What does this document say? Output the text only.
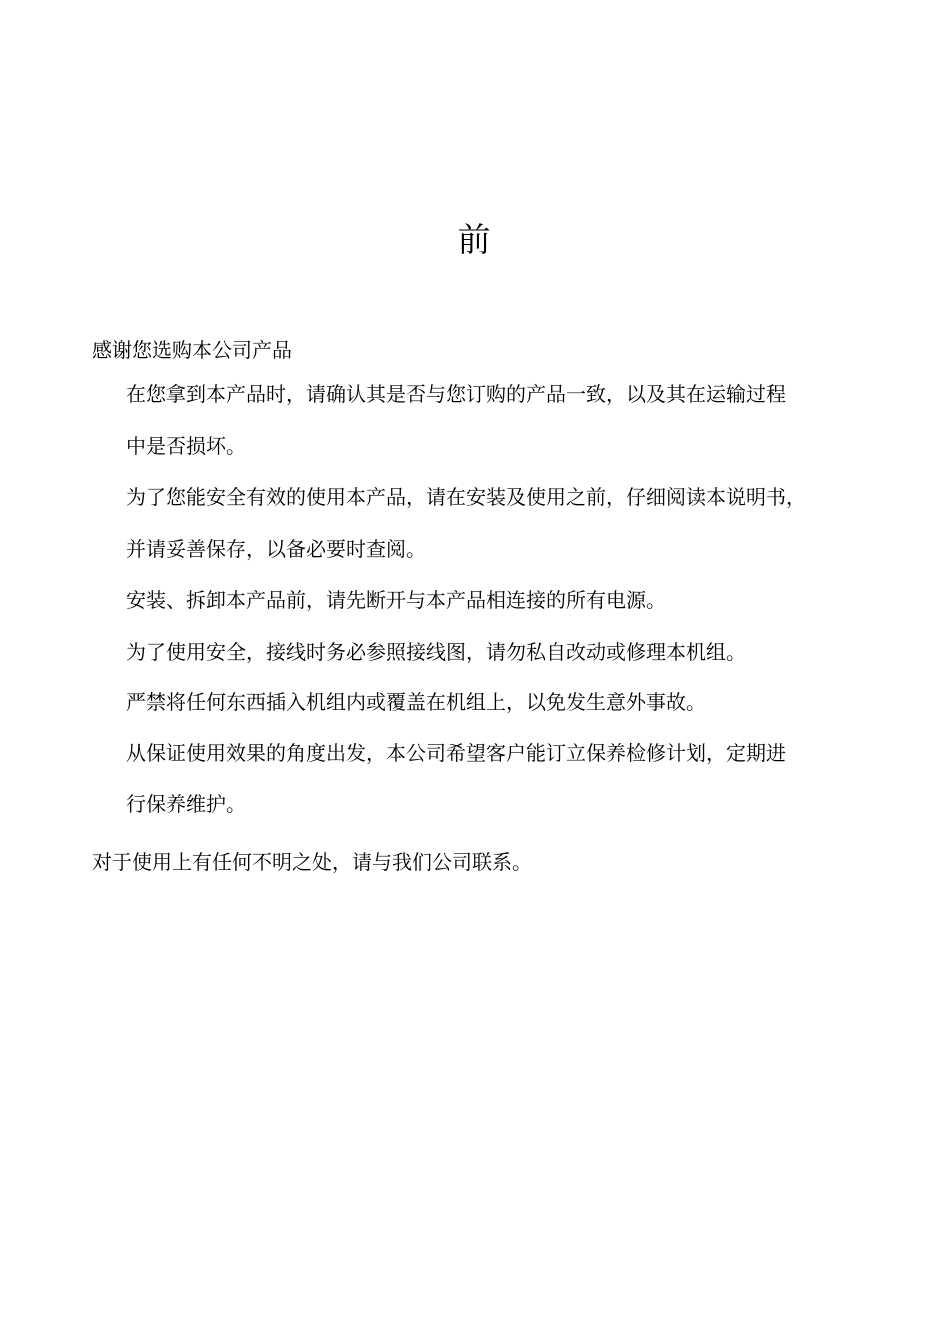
前
感谢您选购本公司产品
在您拿到本产品时，请确认其是否与您订购的产品一致，以及其在运输过程
中是否损坏。
为了您能安全有效的使用本产品，请在安装及使用之前，仔细阅读本说明书，
并请妥善保存，以备必要时查阅。
安装、拆卸本产品前，请先断开与本产品相连接的所有电源。
为了使用安全，接线时务必参照接线图，请勿私自改动或修理本机组。
严禁将任何东西插入机组内或覆盖在机组上，以免发生意外事故。
从保证使用效果的角度出发，本公司希望客户能订立保养检修计划，定期进
行保养维护。
对于使用上有任何不明之处，请与我们公司联系。
